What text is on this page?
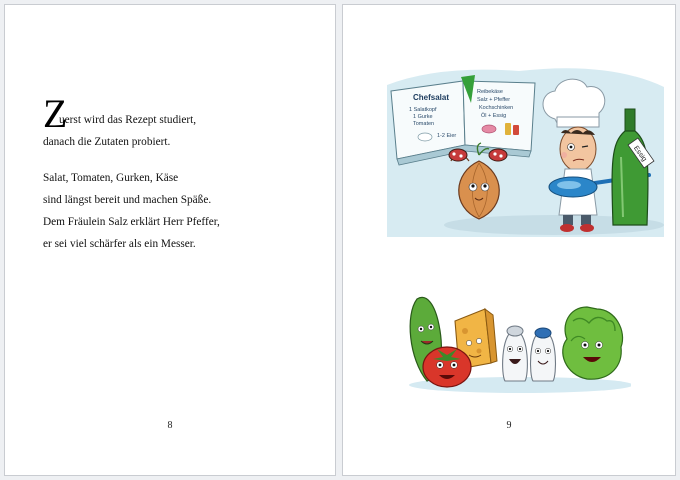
Z
uerst wird das Rezept studiert,
danach die Zutaten probiert.

Salat, Tomaten, Gurken, Käse
sind längst bereit und machen Späße.
Dem Fräulein Salz erklärt Herr Pfeffer,
er sei viel schärfer als ein Messer.

8
Chefsalat
1 Salatkopf
1 Gurke
Tomaten
1-2 Eier
Reibekäse
Salz + Pfeffer
Kochschinken
Öl + Essig
Essig
9
